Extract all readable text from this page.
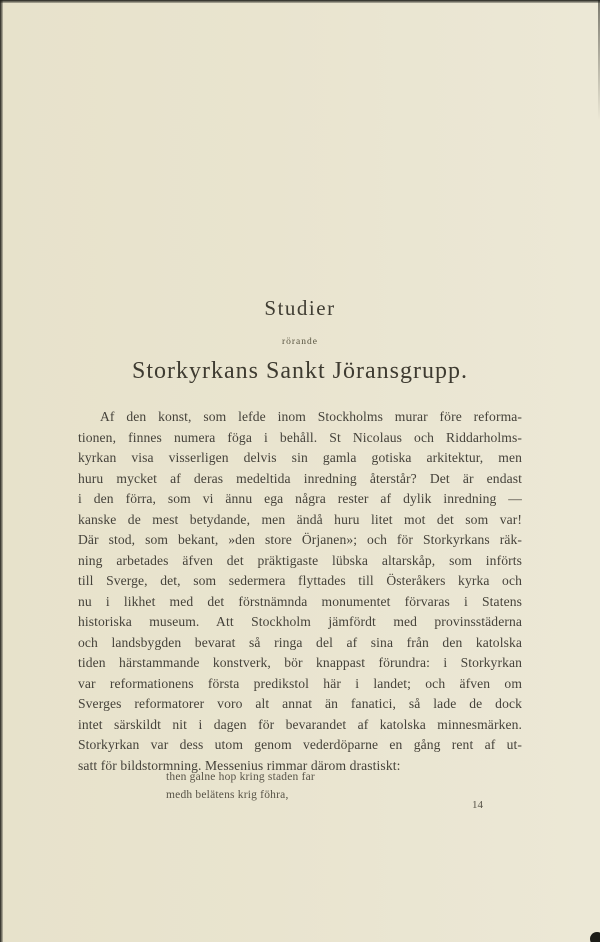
Studier
rörande
Storkyrkans Sankt Jöransgrupp.
Af den konst, som lefde inom Stockholms murar före reforma-
tionen, finnes numera föga i behåll. St Nicolaus och Riddarholms-
kyrkan visa visserligen delvis sin gamla gotiska arkitektur, men
huru mycket af deras medeltida inredning återstår? Det är endast
i den förra, som vi ännu ega några rester af dylik inredning —
kanske de mest betydande, men ändå huru litet mot det som var!
Där stod, som bekant, »den store Örjanen»; och för Storkyrkans räk-
ning arbetades äfven det präktigaste lübska altarskåp, som införts
till Sverge, det, som sedermera flyttades till Österåkers kyrka och
nu i likhet med det förstnämnda monumentet förvaras i Statens
historiska museum. Att Stockholm jämfördt med provinsstäderna
och landsbygden bevarat så ringa del af sina från den katolska
tiden härstammande konstverk, bör knappast förundra: i Storkyrkan
var reformationens första predikstol här i landet; och äfven om
Sverges reformatorer voro alt annat än fanatici, så lade de dock
intet särskildt nit i dagen för bevarandet af katolska minnesmärken.
Storkyrkan var dess utom genom vederdöparne en gång rent af ut-
satt för bildstormning. Messenius rimmar därom drastiskt:
then galne hop kring staden far
medh belätens krig föhra,
14
